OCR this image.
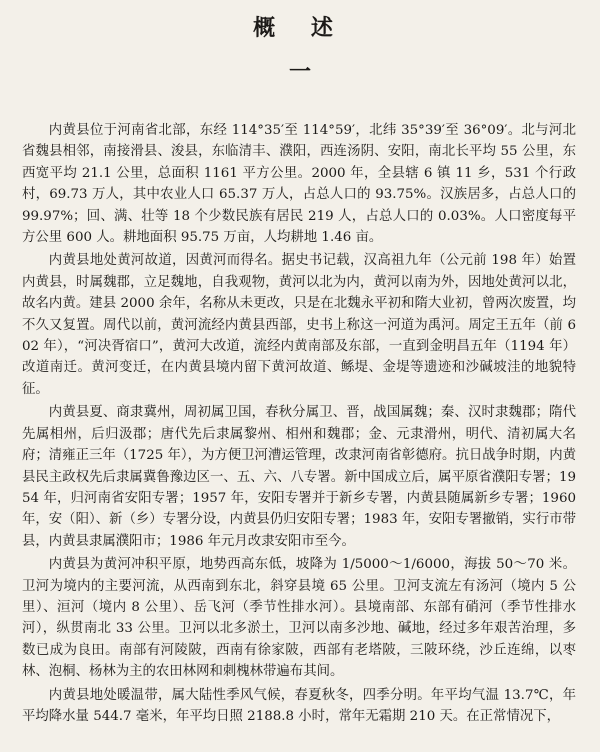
概 述
一

内黄县位于河南省北部，东经 114°35′至 114°59′，北纬 35°39′至 36°09′。北与河北省魏县相邻，南接滑县、浚县，东临清丰、濮阳，西连汤阴、安阳，南北长平均 55 公里，东西宽平均 21.1 公里，总面积 1161 平方公里。2000 年，全县辖 6 镇 11 乡，531 个行政村，69.73 万人，其中农业人口 65.37 万人，占总人口的 93.75%。汉族居多，占总人口的 99.97%；回、满、壮等 18 个少数民族有居民 219 人，占总人口的 0.03%。人口密度每平方公里 600 人。耕地面积 95.75 万亩，人均耕地 1.46 亩。

内黄县地处黄河故道，因黄河而得名。据史书记载，汉高祖九年（公元前 198 年）始置内黄县，时属魏郡，立足魏地，自我观物，黄河以北为内，黄河以南为外，因地处黄河以北，故名内黄。建县 2000 余年，名称从未更改，只是在北魏永平初和隋大业初，曾两次废置，均不久又复置。周代以前，黄河流经内黄县西部，史书上称这一河道为禹河。周定王五年（前 602 年），“河决胥宿口”，黄河大改道，流经内黄南部及东部，一直到金明昌五年（1194 年）改道南迁。黄河变迁，在内黄县境内留下黄河故道、鲧堤、金堤等遗迹和沙碱坡洼的地貌特征。

内黄县夏、商隶冀州，周初属卫国，春秋分属卫、晋，战国属魏；秦、汉时隶魏郡；隋代先属相州，后归汲郡；唐代先后隶属黎州、相州和魏郡；金、元隶滑州，明代、清初属大名府；清雍正三年（1725 年），为方便卫河漕运管理，改隶河南省彰德府。抗日战争时期，内黄县民主政权先后隶属冀鲁豫边区一、五、六、八专署。新中国成立后，属平原省濮阳专署；1954 年，归河南省安阳专署；1957 年，安阳专署并于新乡专署，内黄县随属新乡专署；1960 年，安（阳）、新（乡）专署分设，内黄县仍归安阳专署；1983 年，安阳专署撤销，实行市带县，内黄县隶属濮阳市；1986 年元月改隶安阳市至今。

内黄县为黄河冲积平原，地势西高东低，坡降为 1/5000～1/6000，海拔 50～70 米。卫河为境内的主要河流，从西南到东北，斜穿县境 65 公里。卫河支流左有汤河（境内 5 公里）、洹河（境内 8 公里）、岳飞河（季节性排水河）。县境南部、东部有硝河（季节性排水河），纵贯南北 33 公里。卫河以北多淤土，卫河以南多沙地、碱地，经过多年艰苦治理，多数已成为良田。南部有河陵陂，西南有徐家陂，西部有老塔陂，三陂环绕，沙丘连绵，以枣林、泡桐、杨林为主的农田林网和刺槐林带遍布其间。

内黄县地处暖温带，属大陆性季风气候，春夏秋冬，四季分明。年平均气温 13.7℃，年平均降水量 544.7 毫米，年平均日照 2188.8 小时，常年无霜期 210 天。在正常情况下，
